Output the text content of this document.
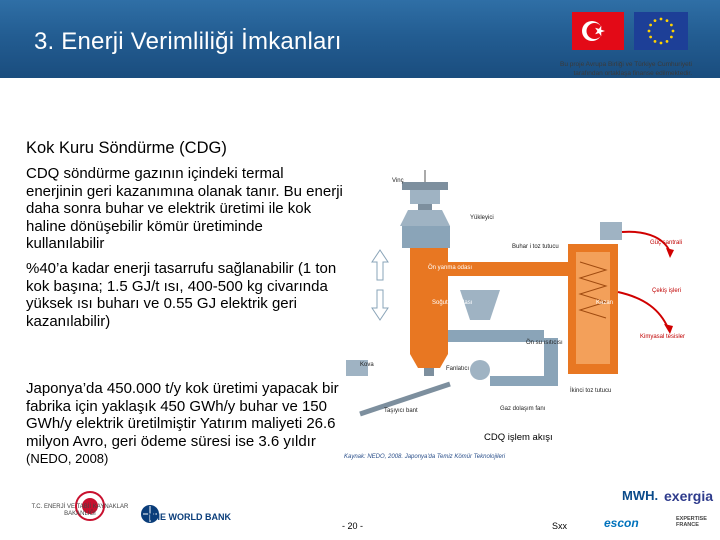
3. Enerji Verimliliği İmkanları
Bu proje Avrupa Birliği ve Türkiye Cumhuriyeti
tarafından ortaklaşa finanse edilmektedir.
Kok Kuru Söndürme (CDG)
CDQ söndürme gazının içindeki termal enerjinin geri kazanımına olanak tanır. Bu enerji daha sonra buhar ve elektrik üretimi ile kok haline dönüşebilir kömür üretiminde kullanılabilir
%40’a kadar enerji tasarrufu sağlanabilir (1 ton kok başına; 1.5 GJ/t ısı, 400-500 kg civarında yüksek ısı buharı ve 0.55 GJ elektrik geri kazanılabilir)
Japonya’da 450.000 t/y kok üretimi yapacak bir fabrika için yaklaşık 450 GWh/y buhar ve 150 GWh/y elektrik üretilmiştir Yatırım maliyeti 26.6 milyon Avro, geri ödeme süresi ise 3.6 yıldır (NEDO, 2008)
Vinç
Yükleyici
Buhar i toz tutucu
Güç santrali
Ön yanma odası
Çekiş işleri
Soğutma odası	Kazan
Kimyasal tesisler
Ön su ısıtıcısı
Kova
Fanlatıcı
İkinci toz tutucu
Taşıyıcı bant	Gaz dolaşım fanı
CDQ işlem akışı
Kaynak: NEDO, 2008. Japonya'da Temiz Kömür Teknolojileri
T.C. ENERJİ VE TABİİ KAYNAKLAR BAKANLIĞI	THE WORLD BANK
MWH. exergia
escon	EXPERTISE FRANCE
- 20 -	Sxx
